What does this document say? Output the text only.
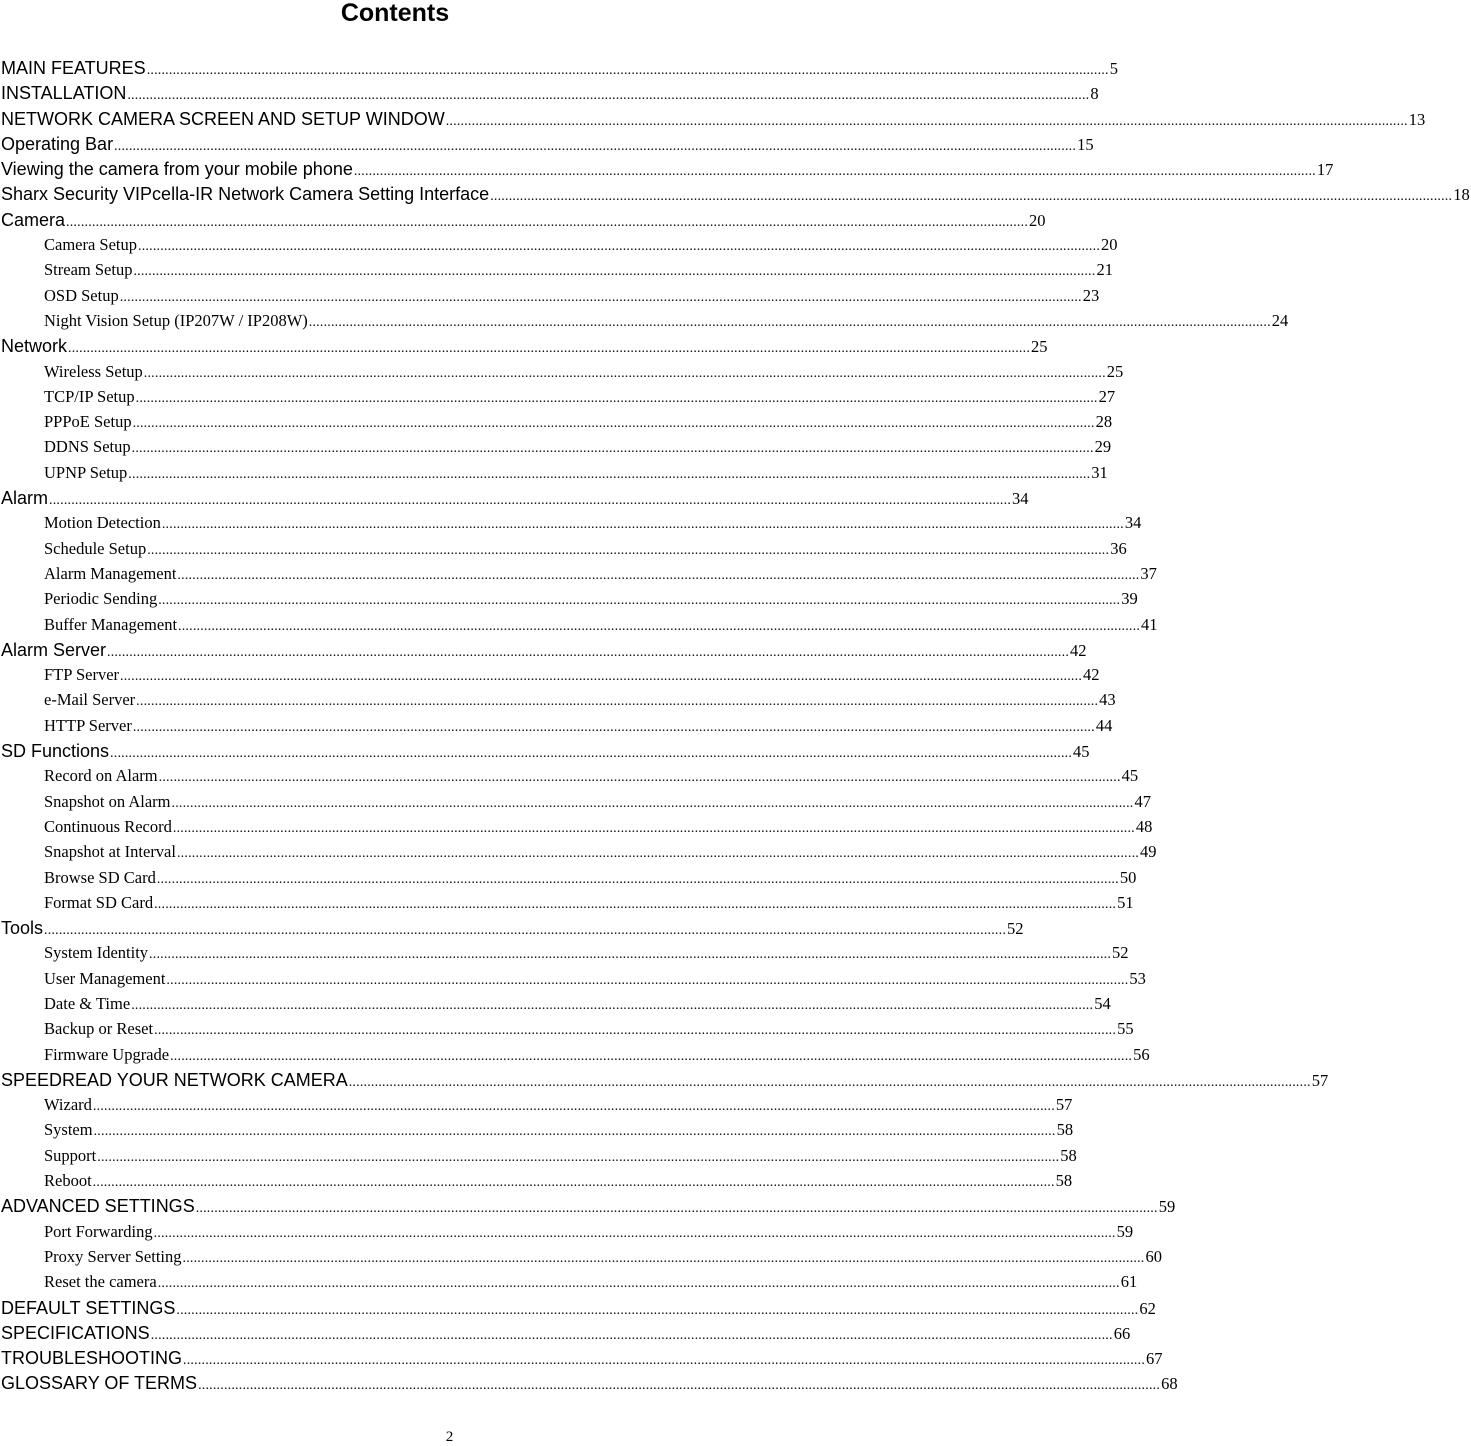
Contents
MAIN FEATURES .................................................................................................................................................................................................................................................................... 5
INSTALLATION .................................................................................................................................................................................................................................................................... 8
NETWORK CAMERA SCREEN AND SETUP WINDOW .................................................................................................................................................................................................................................................................... 13
Operating Bar .................................................................................................................................................................................................................................................................... 15
Viewing the camera from your mobile phone .................................................................................................................................................................................................................................................................... 17
Sharx Security VIPcella-IR Network Camera Setting Interface .................................................................................................................................................................................................................................................................... 18
Camera .................................................................................................................................................................................................................................................................... 20
Camera Setup .................................................................................................................................................................................................................................................................... 20
Stream Setup .................................................................................................................................................................................................................................................................... 21
OSD Setup .................................................................................................................................................................................................................................................................... 23
Night Vision Setup (IP207W / IP208W) .................................................................................................................................................................................................................................................................... 24
Network .................................................................................................................................................................................................................................................................... 25
Wireless Setup .................................................................................................................................................................................................................................................................... 25
TCP/IP Setup .................................................................................................................................................................................................................................................................... 27
PPPoE Setup .................................................................................................................................................................................................................................................................... 28
DDNS Setup .................................................................................................................................................................................................................................................................... 29
UPNP Setup .................................................................................................................................................................................................................................................................... 31
Alarm .................................................................................................................................................................................................................................................................... 34
Motion Detection .................................................................................................................................................................................................................................................................... 34
Schedule Setup .................................................................................................................................................................................................................................................................... 36
Alarm Management .................................................................................................................................................................................................................................................................... 37
Periodic Sending .................................................................................................................................................................................................................................................................... 39
Buffer Management .................................................................................................................................................................................................................................................................... 41
Alarm Server .................................................................................................................................................................................................................................................................... 42
FTP Server .................................................................................................................................................................................................................................................................... 42
e-Mail Server .................................................................................................................................................................................................................................................................... 43
HTTP Server .................................................................................................................................................................................................................................................................... 44
SD Functions .................................................................................................................................................................................................................................................................... 45
Record on Alarm .................................................................................................................................................................................................................................................................... 45
Snapshot on Alarm .................................................................................................................................................................................................................................................................... 47
Continuous Record .................................................................................................................................................................................................................................................................... 48
Snapshot at Interval .................................................................................................................................................................................................................................................................... 49
Browse SD Card .................................................................................................................................................................................................................................................................... 50
Format SD Card .................................................................................................................................................................................................................................................................... 51
Tools .................................................................................................................................................................................................................................................................... 52
System Identity .................................................................................................................................................................................................................................................................... 52
User Management .................................................................................................................................................................................................................................................................... 53
Date & Time .................................................................................................................................................................................................................................................................... 54
Backup or Reset .................................................................................................................................................................................................................................................................... 55
Firmware Upgrade .................................................................................................................................................................................................................................................................... 56
SPEEDREAD YOUR NETWORK CAMERA .................................................................................................................................................................................................................................................................... 57
Wizard .................................................................................................................................................................................................................................................................... 57
System .................................................................................................................................................................................................................................................................... 58
Support .................................................................................................................................................................................................................................................................... 58
Reboot .................................................................................................................................................................................................................................................................... 58
ADVANCED SETTINGS .................................................................................................................................................................................................................................................................... 59
Port Forwarding .................................................................................................................................................................................................................................................................... 59
Proxy Server Setting .................................................................................................................................................................................................................................................................... 60
Reset the camera .................................................................................................................................................................................................................................................................... 61
DEFAULT SETTINGS .................................................................................................................................................................................................................................................................... 62
SPECIFICATIONS .................................................................................................................................................................................................................................................................... 66
TROUBLESHOOTING .................................................................................................................................................................................................................................................................... 67
GLOSSARY OF TERMS .................................................................................................................................................................................................................................................................... 68
2
